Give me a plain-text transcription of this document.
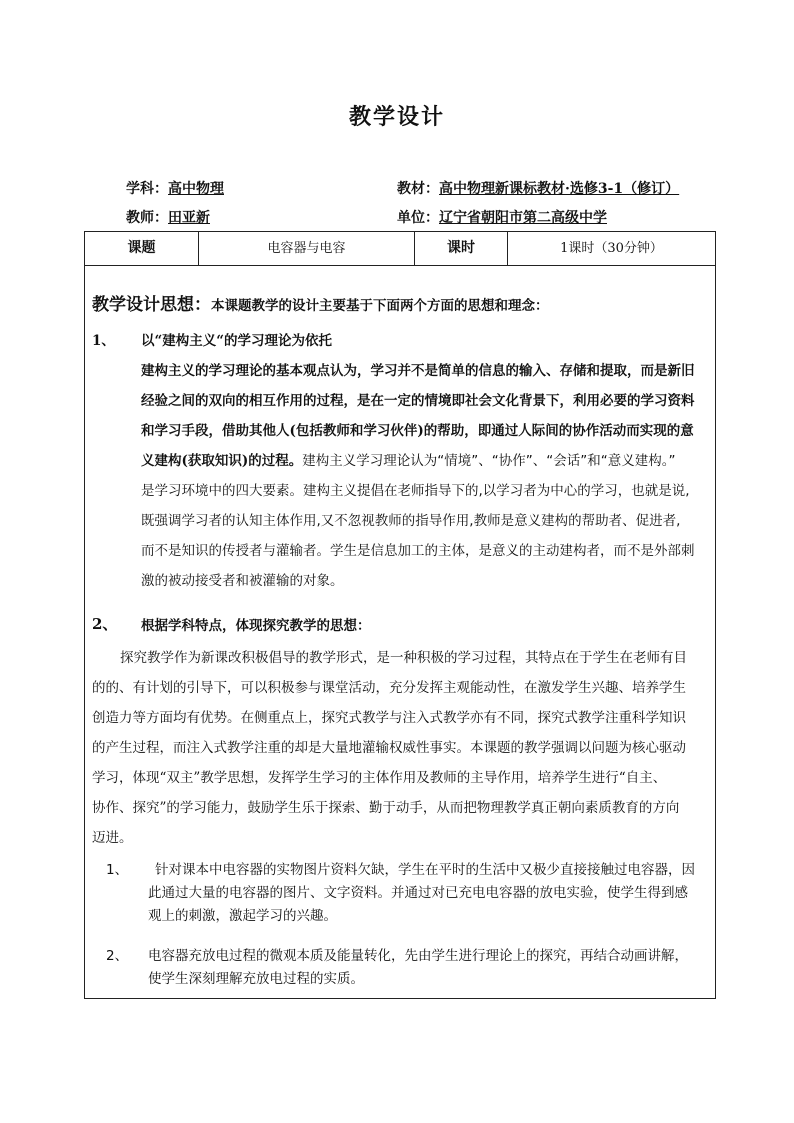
教学设计
学科：高中物理	教材：高中物理新课标教材·选修3-1（修订）
教师：田亚新	单位：辽宁省朝阳市第二高级中学
课题	电容器与电容	课时	1课时（30分钟）
教学设计思想：本课题教学的设计主要基于下面两个方面的思想和理念：
1、 以“建构主义“的学习理论为依托
建构主义的学习理论的基本观点认为，学习并不是简单的信息的输入、存储和提取，而是新旧
经验之间的双向的相互作用的过程，是在一定的情境即社会文化背景下，利用必要的学习资料
和学习手段，借助其他人(包括教师和学习伙伴)的帮助，即通过人际间的协作活动而实现的意
义建构(获取知识)的过程。建构主义学习理论认为“情境”、“协作”、“会话”和“意义建构。”
是学习环境中的四大要素。建构主义提倡在老师指导下的,以学习者为中心的学习，也就是说,
既强调学习者的认知主体作用,又不忽视教师的指导作用,教师是意义建构的帮助者、促进者,
而不是知识的传授者与灌输者。学生是信息加工的主体，是意义的主动建构者，而不是外部刺
激的被动接受者和被灌输的对象。
2、 根据学科特点，体现探究教学的思想：
探究教学作为新课改积极倡导的教学形式，是一种积极的学习过程，其特点在于学生在老师有目
的的、有计划的引导下，可以积极参与课堂活动，充分发挥主观能动性，在激发学生兴趣、培养学生
创造力等方面均有优势。在侧重点上，探究式教学与注入式教学亦有不同，探究式教学注重科学知识
的产生过程，而注入式教学注重的却是大量地灌输权威性事实。本课题的教学强调以问题为核心驱动
学习，体现“双主”教学思想，发挥学生学习的主体作用及教师的主导作用，培养学生进行“自主、
协作、探究”的学习能力，鼓励学生乐于探索、勤于动手，从而把物理教学真正朝向素质教育的方向
迈进。
1、 针对课本中电容器的实物图片资料欠缺，学生在平时的生活中又极少直接接触过电容器，因
此通过大量的电容器的图片、文字资料。并通过对已充电电容器的放电实验，使学生得到感
观上的刺激，激起学习的兴趣。
2、 电容器充放电过程的微观本质及能量转化，先由学生进行理论上的探究，再结合动画讲解，
使学生深刻理解充放电过程的实质。
